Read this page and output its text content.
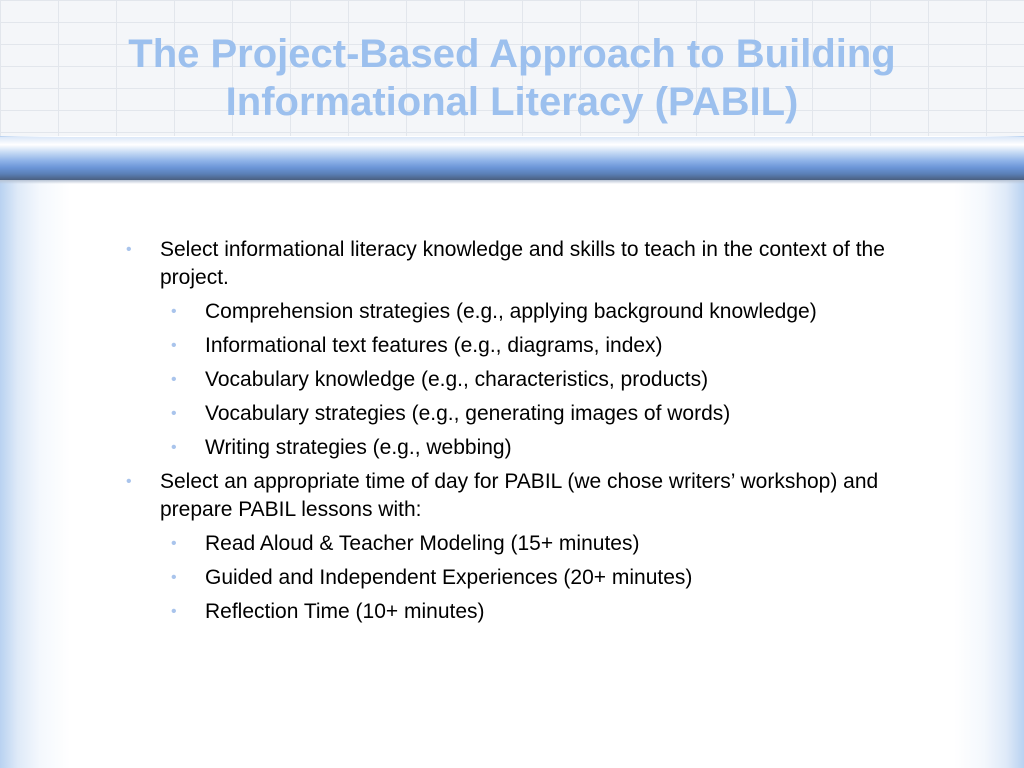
The Project-Based Approach to Building
Informational Literacy (PABIL)

• Select informational literacy knowledge and skills to teach in the context of the project.

• Comprehension strategies (e.g., applying background knowledge)

• Informational text features (e.g., diagrams, index)

• Vocabulary knowledge (e.g., characteristics, products)

• Vocabulary strategies (e.g., generating images of words)

• Writing strategies (e.g., webbing)

• Select an appropriate time of day for PABIL (we chose writers’ workshop) and prepare PABIL lessons with:

• Read Aloud & Teacher Modeling (15+ minutes)

• Guided and Independent Experiences (20+ minutes)

• Reflection Time (10+ minutes)
